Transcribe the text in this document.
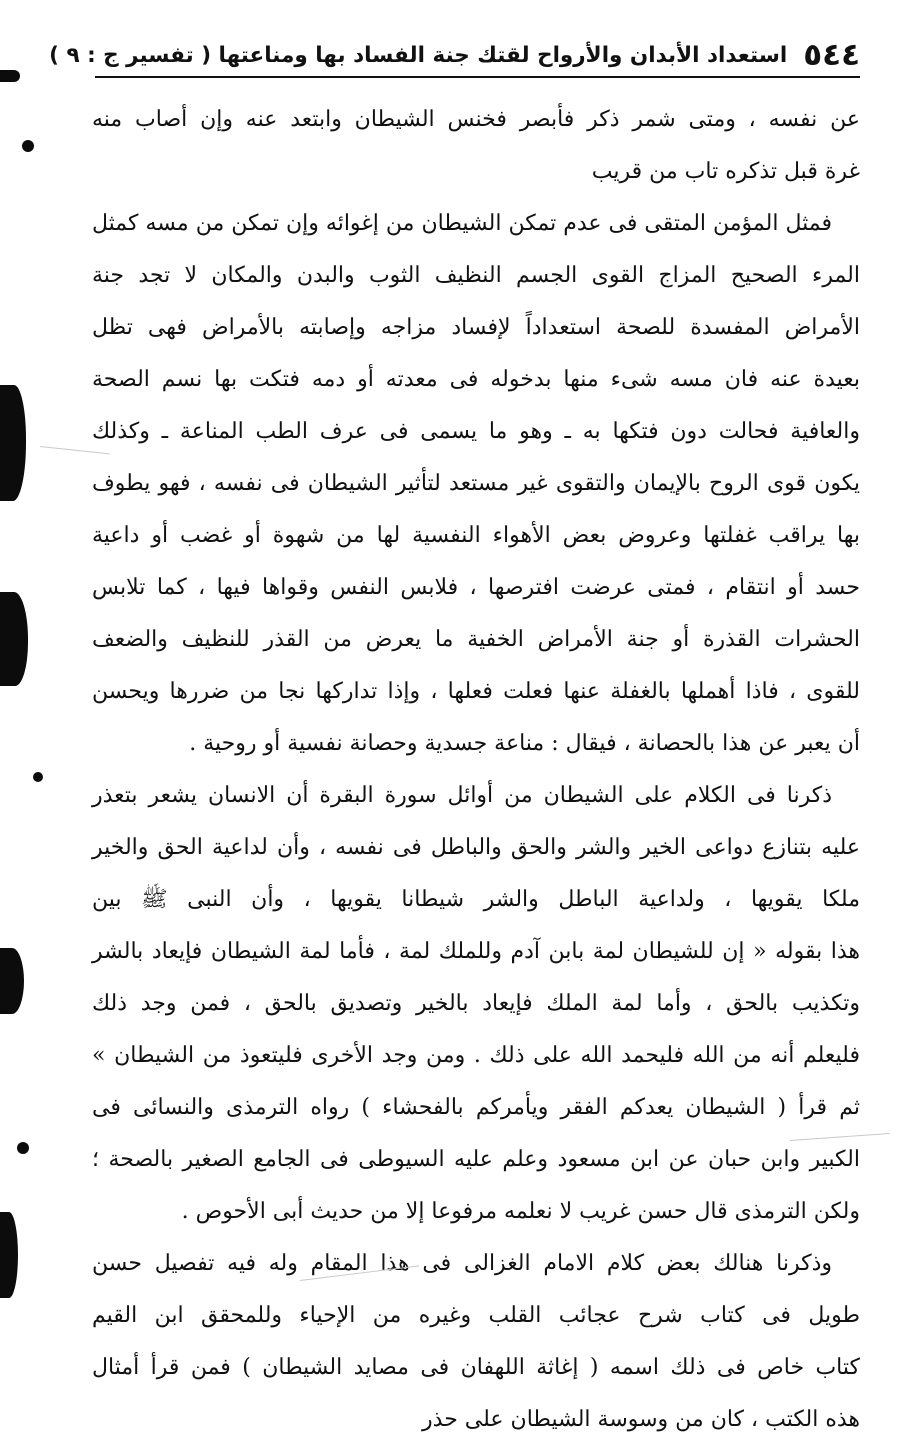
٥٤٤
استعداد الأبدان والأرواح لقتك جنة الفساد بها ومناعتها ( تفسير ج : ٩ )
عن نفسه ، ومتى شمر ذكر فأبصر فخنس الشيطان وابتعد عنه وإن أصاب منه
غرة قبل تذكره تاب من قريب
فمثل المؤمن المتقى فى عدم تمكن الشيطان من إغوائه وإن تمكن من مسه كمثل
المرء الصحيح المزاج القوى الجسم النظيف الثوب والبدن والمكان لا تجد جنة
الأمراض المفسدة للصحة استعداداً لإفساد مزاجه وإصابته بالأمراض فهى تظل
بعيدة عنه فان مسه شىء منها بدخوله فى معدته أو دمه فتكت بها نسم الصحة
والعافية فحالت دون فتكها به ـ وهو ما يسمى فى عرف الطب المناعة ـ وكذلك
يكون قوى الروح بالإيمان والتقوى غير مستعد لتأثير الشيطان فى نفسه ، فهو يطوف
بها يراقب غفلتها وعروض بعض الأهواء النفسية لها من شهوة أو غضب أو داعية
حسد أو انتقام ، فمتى عرضت افترصها ، فلابس النفس وقواها فيها ، كما تلابس
الحشرات القذرة أو جنة الأمراض الخفية ما يعرض من القذر للنظيف والضعف
للقوى ، فاذا أهملها بالغفلة عنها فعلت فعلها ، وإذا تداركها نجا من ضررها ويحسن
أن يعبر عن هذا بالحصانة ، فيقال : مناعة جسدية وحصانة نفسية أو روحية .
ذكرنا فى الكلام على الشيطان من أوائل سورة البقرة أن الانسان يشعر بتعذر
عليه بتنازع دواعى الخير والشر والحق والباطل فى نفسه ، وأن لداعية الحق والخير
ملكا يقويها ، ولداعية الباطل والشر شيطانا يقويها ، وأن النبى ﷺ بين
هذا بقوله « إن للشيطان لمة بابن آدم وللملك لمة ، فأما لمة الشيطان فإيعاد بالشر
وتكذيب بالحق ، وأما لمة الملك فإيعاد بالخير وتصديق بالحق ، فمن وجد ذلك
فليعلم أنه من الله فليحمد الله على ذلك . ومن وجد الأخرى فليتعوذ من الشيطان »
ثم قرأ ( الشيطان يعدكم الفقر ويأمركم بالفحشاء ) رواه الترمذى والنسائى فى
الكبير وابن حبان عن ابن مسعود وعلم عليه السيوطى فى الجامع الصغير بالصحة ؛
ولكن الترمذى قال حسن غريب لا نعلمه مرفوعا إلا من حديث أبى الأحوص .
وذكرنا هنالك بعض كلام الامام الغزالى فى هذا المقام وله فيه تفصيل حسن
طويل فى كتاب شرح عجائب القلب وغيره من الإحياء وللمحقق ابن القيم
كتاب خاص فى ذلك اسمه ( إغاثة اللهفان فى مصايد الشيطان ) فمن قرأ أمثال
هذه الكتب ، كان من وسوسة الشيطان على حذر
